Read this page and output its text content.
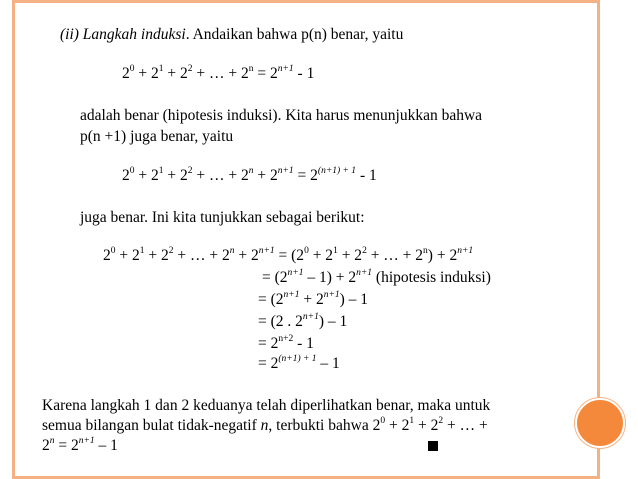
(ii) Langkah induksi. Andaikan bahwa p(n) benar, yaitu
$2^0 + 2^1 + 2^2$ + … + $2^n = 2^{n+1} - 1$
adalah benar (hipotesis induksi). Kita harus menunjukkan bahwa
p(n +1) juga benar, yaitu
$2^0 + 2^1 + 2^2$ + … + $2^n + 2^{n+1} = 2^{(n+1) + 1} - 1$
juga benar. Ini kita tunjukkan sebagai berikut:
$2^0 + 2^1 + 2^2$ + … + $2^n + 2^{n+1} = (2^0 + 2^1 + 2^2$ + … + $2^n) + 2^{n+1}$
= $(2^{n+1} - 1) + 2^{n+1}$ (hipotesis induksi)
= $(2^{n+1} + 2^{n+1}) - 1$
= (2 . $2^{n+1}) - 1$
= $2^{n+2} - 1$
= $2^{(n+1) + 1} - 1$
Karena langkah 1 dan 2 keduanya telah diperlihatkan benar, maka untuk
semua bilangan bulat tidak-negatif n, terbukti bahwa $2^0 + 2^1 + 2^2$ + … +
$2^n = 2^{n+1} - 1$
